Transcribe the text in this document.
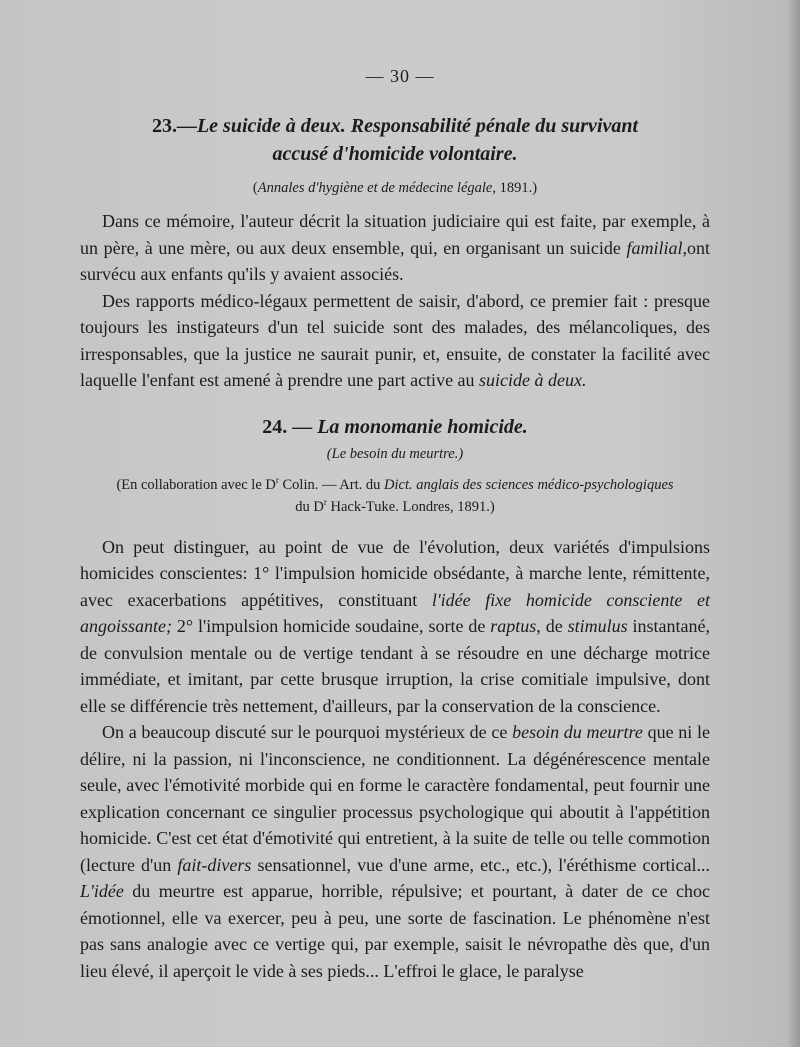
— 30 —
23.—Le suicide à deux. Responsabilité pénale du survivant
accusé d'homicide volontaire.
(Annales d'hygiène et de médecine légale, 1891.)

Dans ce mémoire, l'auteur décrit la situation judiciaire qui est faite, par exemple, à un père, à une mère, ou aux deux ensemble, qui, en organisant un suicide familial,ont survécu aux enfants qu'ils y avaient associés.

Des rapports médico-légaux permettent de saisir, d'abord, ce premier fait : presque toujours les instigateurs d'un tel suicide sont des malades, des mélancoliques, des irresponsables, que la justice ne saurait punir, et, ensuite, de constater la facilité avec laquelle l'enfant est amené à prendre une part active au suicide à deux.

24. — La monomanie homicide.
(Le besoin du meurtre.)
(En collaboration avec le $D^r$ Colin. — Art. du Dict. anglais des sciences médico-psychologiques
du $D^r$ Hack-Tuke. Londres, 1891.)

On peut distinguer, au point de vue de l'évolution, deux variétés d'impulsions homicides conscientes: 1° l'impulsion homicide obsédante, à marche lente, rémittente, avec exacerbations appétitives, constituant l'idée fixe homicide consciente et angoissante; 2° l'impulsion homicide soudaine, sorte de raptus, de stimulus instantané, de convulsion mentale ou de vertige tendant à se résoudre en une décharge motrice immédiate, et imitant, par cette brusque irruption, la crise comitiale impulsive, dont elle se différencie très nettement, d'ailleurs, par la conservation de la conscience.

On a beaucoup discuté sur le pourquoi mystérieux de ce besoin du meurtre que ni le délire, ni la passion, ni l'inconscience, ne conditionnent. La dégénérescence mentale seule, avec l'émotivité morbide qui en forme le caractère fondamental, peut fournir une explication concernant ce singulier processus psychologique qui aboutit à l'appétition homicide. C'est cet état d'émotivité qui entretient, à la suite de telle ou telle commotion (lecture d'un fait-divers sensationnel, vue d'une arme, etc., etc.), l'éréthisme cortical... L'idée du meurtre est apparue, horrible, répulsive; et pourtant, à dater de ce choc émotionnel, elle va exercer, peu à peu, une sorte de fascination. Le phénomène n'est pas sans analogie avec ce vertige qui, par exemple, saisit le névropathe dès que, d'un lieu élevé, il aperçoit le vide à ses pieds... L'effroi le glace, le paralyse
